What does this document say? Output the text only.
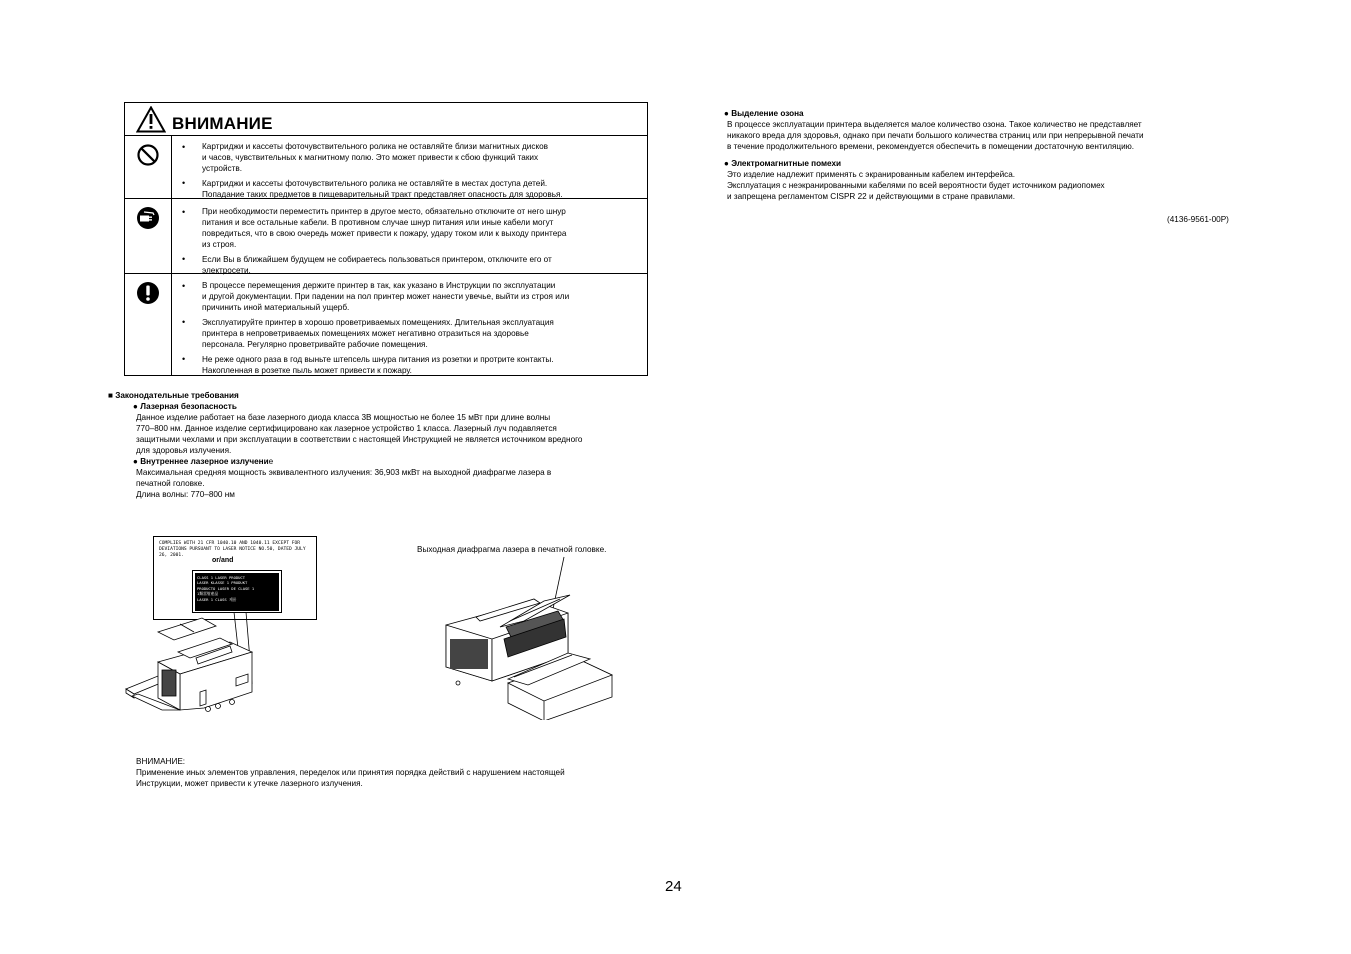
ВНИМАНИЕ
• Картриджи и кассеты фоточувствительного ролика не оставляйте близи магнитных дисков
и часов, чувствительных к магнитному полю. Это может привести к сбою функций таких
устройств.
• Картриджи и кассеты фоточувствительного ролика не оставляйте в местах доступа детей.
Попадание таких предметов в пищеварительный тракт представляет опасность для здоровья.
• При необходимости переместить принтер в другое место, обязательно отключите от него шнур
питания и все остальные кабели. В противном случае шнур питания или иные кабели могут
повредиться, что в свою очередь может привести к пожару, удару током или к выходу принтера
из строя.
• Если Вы в ближайшем будущем не собираетесь пользоваться принтером, отключите его от
электросети.
• В процессе перемещения держите принтер в так, как указано в Инструкции по эксплуатации
и другой документации. При падении на пол принтер может нанести увечье, выйти из строя или
причинить иной материальный ущерб.
• Эксплуатируйте принтер в хорошо проветриваемых помещениях. Длительная эксплуатация
принтера в непроветриваемых помещениях может негативно отразиться на здоровье
персонала. Регулярно проветривайте рабочие помещения.
• Не реже одного раза в год выньте штепсель шнура питания из розетки и протрите контакты.
Накопленная в розетке пыль может привести к пожару.
■ Законодательные требования
● Лазерная безопасность
Данное изделие работает на базе лазерного диода класса 3B мощностью не более 15 мВт при длине волны
770–800 нм. Данное изделие сертифицировано как лазерное устройство 1 класса. Лазерный луч подавляется
защитными чехлами и при эксплуатации в соответствии с настоящей Инструкцией не является источником вредного
для здоровья излучения.
● Внутреннее лазерное излучение
Максимальная средняя мощность эквивалентного излучения: 36,903 мкВт на выходной диафрагме лазера в
печатной головке.
Длина волны: 770–800 нм
COMPLIES WITH 21 CFR 1040.10 AND 1040.11 EXCEPT FOR
DEVIATIONS PURSUANT TO LASER NOTICE NO.50, DATED JULY 26, 2001.
or/and
CLASS 1 LASER PRODUCT
LASER KLASSE 1 PRODUKT
PRODUCTO LASER DE CLASE 1
1類雷射產品
LASER 1 CLASS 제품
Выходная диафрагма лазера в печатной головке.
ВНИМАНИЕ:
Применение иных элементов управления, переделок или принятия порядка действий с нарушением настоящей
Инструкции, может привести к утечке лазерного излучения.
24
● Выделение озона
В процессе эксплуатации принтера выделяется малое количество озона. Такое количество не представляет
никакого вреда для здоровья, однако при печати большого количества страниц или при непрерывной печати
в течение продолжительного времени, рекомендуется обеспечить в помещении достаточную вентиляцию.
● Электромагнитные помехи
Это изделие надлежит применять с экранированным кабелем интерфейса.
Эксплуатация с неэкранированными кабелями по всей вероятности будет источником радиопомех
и запрещена регламентом CISPR 22 и действующими в стране правилами.
(4136-9561-00P)
